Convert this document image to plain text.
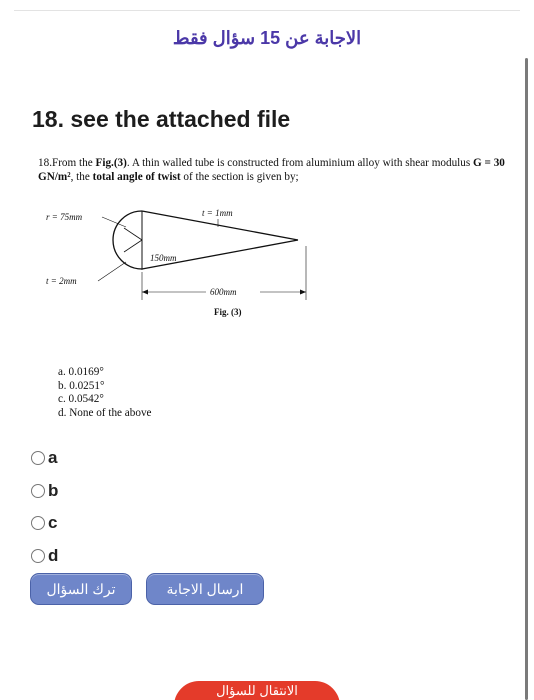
الاجابة عن 15 سؤال فقط
18. see the attached file
18.From the Fig.(3). A thin walled tube is constructed from aluminium alloy with shear modulus G = 30 GN/m², the total angle of twist of the section is given by;
r = 75mm	t = 1mm
t = 2mm
150mm
600mm
Fig. (3)
a. 0.0169°
b. 0.0251°
c. 0.0542°
d. None of the above
a
b
c
d
ترك السؤال	ارسال الاجابة
الانتقال للسؤال
